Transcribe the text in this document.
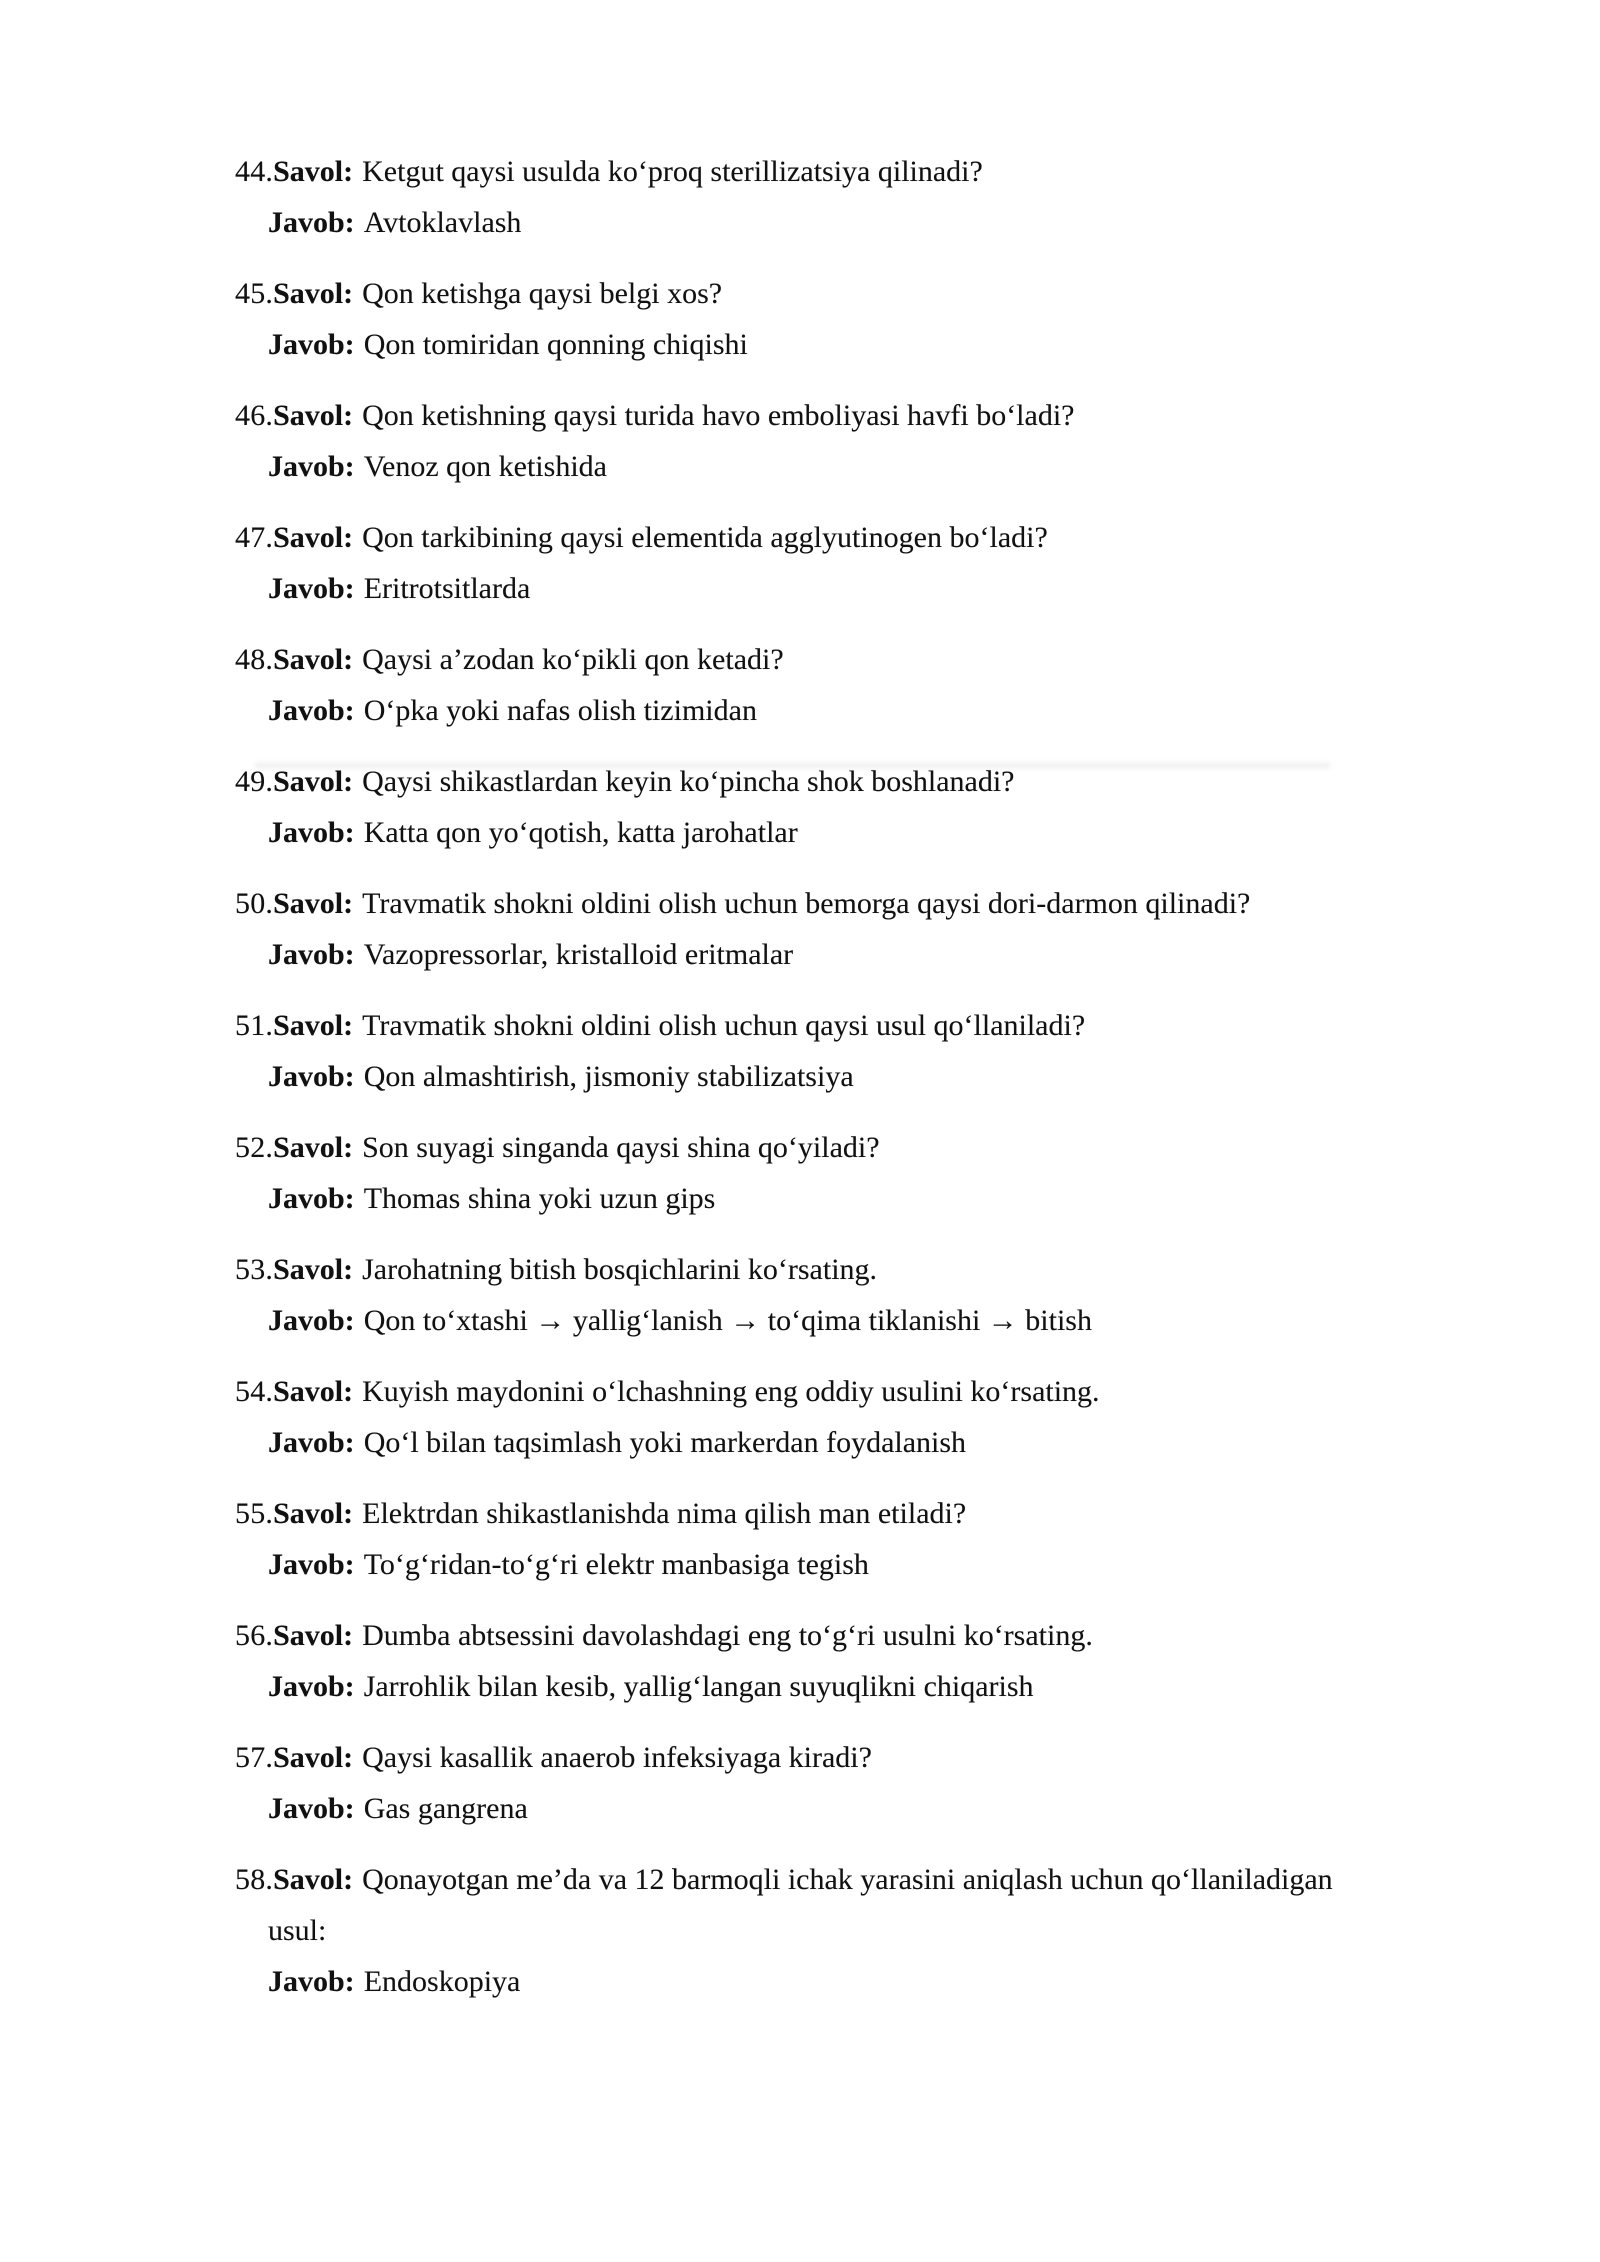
44.Savol: Ketgut qaysi usulda ko‘proq sterillizatsiya qilinadi?

Javob: Avtoklavlash

45.Savol: Qon ketishga qaysi belgi xos?

Javob: Qon tomiridan qonning chiqishi

46.Savol: Qon ketishning qaysi turida havo emboliyasi havfi bo‘ladi?

Javob: Venoz qon ketishida

47.Savol: Qon tarkibining qaysi elementida agglyutinogen bo‘ladi?

Javob: Eritrotsitlarda

48.Savol: Qaysi a’zodan ko‘pikli qon ketadi?

Javob: O‘pka yoki nafas olish tizimidan

49.Savol: Qaysi shikastlardan keyin ko‘pincha shok boshlanadi?

Javob: Katta qon yo‘qotish, katta jarohatlar

50.Savol: Travmatik shokni oldini olish uchun bemorga qaysi dori-darmon qilinadi?

Javob: Vazopressorlar, kristalloid eritmalar

51.Savol: Travmatik shokni oldini olish uchun qaysi usul qo‘llaniladi?

Javob: Qon almashtirish, jismoniy stabilizatsiya

52.Savol: Son suyagi singanda qaysi shina qo‘yiladi?

Javob: Thomas shina yoki uzun gips

53.Savol: Jarohatning bitish bosqichlarini ko‘rsating.

Javob: Qon to‘xtashi → yallig‘lanish → to‘qima tiklanishi → bitish

54.Savol: Kuyish maydonini o‘lchashning eng oddiy usulini ko‘rsating.

Javob: Qo‘l bilan taqsimlash yoki markerdan foydalanish

55.Savol: Elektrdan shikastlanishda nima qilish man etiladi?

Javob: To‘g‘ridan-to‘g‘ri elektr manbasiga tegish

56.Savol: Dumba abtsessini davolashdagi eng to‘g‘ri usulni ko‘rsating.

Javob: Jarrohlik bilan kesib, yallig‘langan suyuqlikni chiqarish

57.Savol: Qaysi kasallik anaerob infeksiyaga kiradi?

Javob: Gas gangrena

58.Savol: Qonayotgan me’da va 12 barmoqli ichak yarasini aniqlash uchun qo‘llaniladigan usul:

Javob: Endoskopiya
